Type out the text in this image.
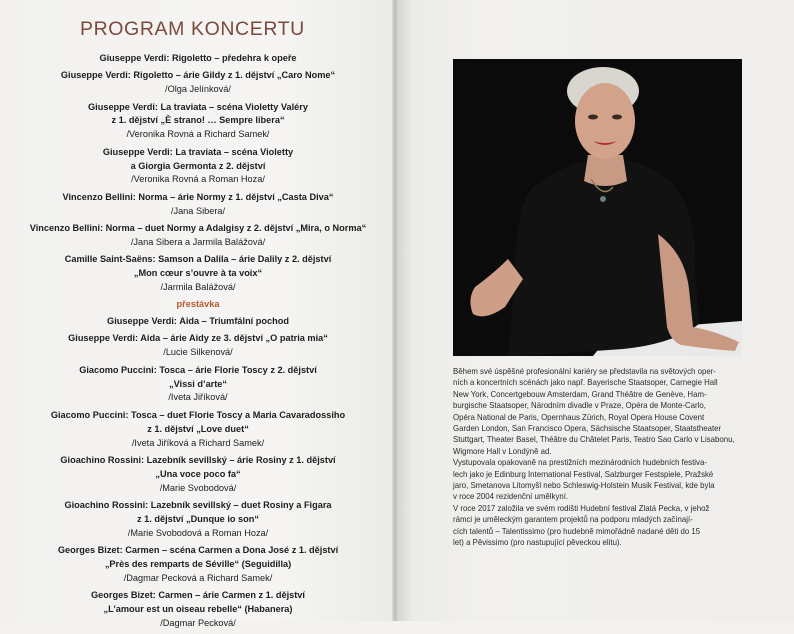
PROGRAM KONCERTU
Giuseppe Verdi: Rigoletto – předehra k opeře
Giuseppe Verdi: Rigoletto – árie Gildy z 1. dějství „Caro Nome“
/Olga Jelínková/
Giuseppe Verdi: La traviata – scéna Violetty Valéry
z 1. dějství „È strano! … Sempre libera“
/Veronika Rovná a Richard Samek/
Giuseppe Verdi: La traviata – scéna Violetty
a Giorgia Germonta z 2. dějství
/Veronika Rovná a Roman Hoza/
Vincenzo Bellini: Norma – árie Normy z 1. dějství „Casta Diva“
/Jana Sibera/
Vincenzo Bellini: Norma – duet Normy a Adalgisy z 2. dějství „Mira, o Norma“
/Jana Sibera a Jarmila Balážová/
Camille Saint-Saëns: Samson a Dalila – árie Dalily z 2. dějství
„Mon cœur s’ouvre à ta voix“
/Jarmila Balážová/
přestávka
Giuseppe Verdi: Aida – Triumfální pochod
Giuseppe Verdi: Aida – árie Aidy ze 3. dějství „O patria mia“
/Lucie Silkenová/
Giacomo Puccini: Tosca – árie Florie Toscy z 2. dějství
„Vissi d’arte“
/Iveta Jiříková/
Giacomo Puccini: Tosca – duet Florie Toscy a Maria Cavaradossiho
z 1. dějství „Love duet“
/Iveta Jiříková a Richard Samek/
Gioachino Rossini: Lazebník sevillský – árie Rosiny z 1. dějství
„Una voce poco fa“
/Marie Svobodová/
Gioachino Rossini: Lazebník sevillský – duet Rosiny a Figara
z 1. dějství „Dunque io son“
/Marie Svobodová a Roman Hoza/
Georges Bizet: Carmen – scéna Carmen a Dona José z 1. dějství
„Près des remparts de Séville“ (Seguidilla)
/Dagmar Pecková a Richard Samek/
Georges Bizet: Carmen – árie Carmen z 1. dějství
„L’amour est un oiseau rebelle“ (Habanera)
/Dagmar Pecková/

Během své úspěšné profesionální kariéry se představila na světových oper-

ních a koncertních scénách jako např. Bayerische Staatsoper, Carnegie Hall

New York, Concertgebouw Amsterdam, Grand Théâtre de Genève, Ham-

burgische Staatsoper, Národním divadle v Praze, Opéra de Monte-Carlo,

Opéra National de Paris, Opernhaus Zürich, Royal Opera House Covent

Garden London, San Francisco Opera, Sächsische Staatsoper, Staatstheater

Stuttgart, Theater Basel, Théâtre du Châtelet Paris, Teatro Sao Carlo v Lisabonu,

Wigmore Hall v Londýně ad.

Vystupovala opakovaně na prestižních mezinárodních hudebních festiva-

lech jako je Edinburg International Festival, Salzburger Festspiele, Pražské

jaro, Smetanova Litomyšl nebo Schleswig-Holstein Musik Festival, kde byla

v roce 2004 rezidenční umělkyní.

V roce 2017 založila ve svém rodišti Hudební festival Zlatá Pecka, v jehož

rámci je uměleckým garantem projektů na podporu mladých začínají-

cích talentů – Talentissimo (pro hudebně mimořádně nadané děti do 15

let) a Pěvissimo (pro nastupující pěveckou elitu).
